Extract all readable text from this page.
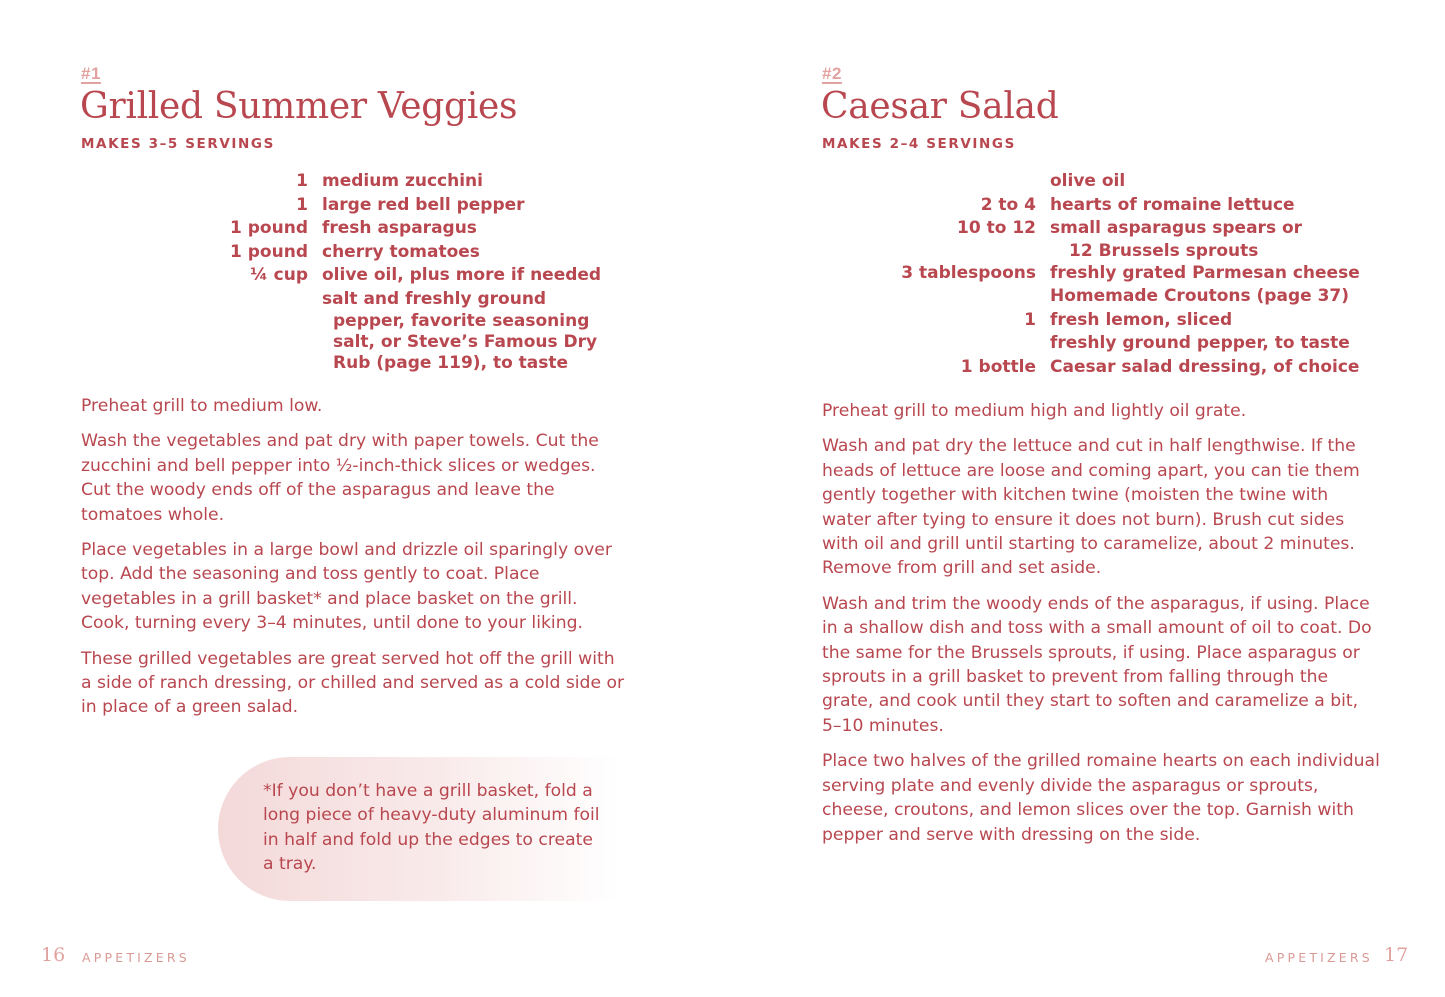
#1
Grilled Summer Veggies
MAKES 3–5 SERVINGS
1 medium zucchini
1 large red bell pepper
1 pound fresh asparagus
1 pound cherry tomatoes
¼ cup olive oil, plus more if needed
salt and freshly ground
pepper, favorite seasoning
salt, or Steve’s Famous Dry
Rub (page 119), to taste

Preheat grill to medium low.

Wash the vegetables and pat dry with paper towels. Cut the zucchini and bell pepper into ½-inch-thick slices or wedges. Cut the woody ends off of the asparagus and leave the tomatoes whole.

Place vegetables in a large bowl and drizzle oil sparingly over top. Add the seasoning and toss gently to coat. Place vegetables in a grill basket* and place basket on the grill. Cook, turning every 3–4 minutes, until done to your liking.

These grilled vegetables are great served hot off the grill with a side of ranch dressing, or chilled and served as a cold side or in place of a green salad.

*If you don’t have a grill basket, fold a long piece of heavy-duty aluminum foil in half and fold up the edges to create a tray.

16 APPETIZERS
#2
Caesar Salad
MAKES 2–4 SERVINGS
olive oil
2 to 4 hearts of romaine lettuce
10 to 12 small asparagus spears or
12 Brussels sprouts
3 tablespoons freshly grated Parmesan cheese
Homemade Croutons (page 37)
1 fresh lemon, sliced
freshly ground pepper, to taste
1 bottle Caesar salad dressing, of choice

Preheat grill to medium high and lightly oil grate.

Wash and pat dry the lettuce and cut in half lengthwise. If the heads of lettuce are loose and coming apart, you can tie them gently together with kitchen twine (moisten the twine with water after tying to ensure it does not burn). Brush cut sides with oil and grill until starting to caramelize, about 2 minutes. Remove from grill and set aside.

Wash and trim the woody ends of the asparagus, if using. Place in a shallow dish and toss with a small amount of oil to coat. Do the same for the Brussels sprouts, if using. Place asparagus or sprouts in a grill basket to prevent from falling through the grate, and cook until they start to soften and caramelize a bit, 5–10 minutes.

Place two halves of the grilled romaine hearts on each individual serving plate and evenly divide the asparagus or sprouts, cheese, croutons, and lemon slices over the top. Garnish with pepper and serve with dressing on the side.

APPETIZERS 17
